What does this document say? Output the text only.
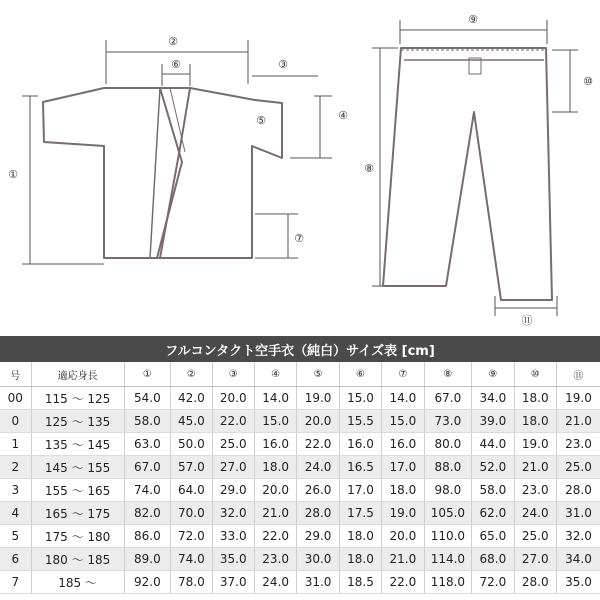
②
⑥	③
④
⑤
①
⑦
⑨
⑩
⑧
⑪
フルコンタクト空手衣（純白）サイズ表 [cm]												
号	適応身長	①	②	③	④	⑤	⑥	⑦	⑧	⑨	⑩	⑪
00	115 ～ 125	54.0	42.0	20.0	14.0	19.0	15.0	14.0	67.0	34.0	18.0	19.0
0	125 ～ 135	58.0	45.0	22.0	15.0	20.0	15.5	15.0	73.0	39.0	18.0	21.0
1	135 ～ 145	63.0	50.0	25.0	16.0	22.0	16.0	16.0	80.0	44.0	19.0	23.0
2	145 ～ 155	67.0	57.0	27.0	18.0	24.0	16.5	17.0	88.0	52.0	21.0	25.0
3	155 ～ 165	74.0	64.0	29.0	20.0	26.0	17.0	18.0	98.0	58.0	23.0	28.0
4	165 ～ 175	82.0	70.0	32.0	21.0	28.0	17.5	19.0	105.0	62.0	24.0	31.0
5	175 ～ 180	86.0	72.0	33.0	22.0	29.0	18.0	20.0	110.0	65.0	25.0	32.0
6	180 ～ 185	89.0	74.0	35.0	23.0	30.0	18.0	21.0	114.0	68.0	27.0	34.0
7	185 ～	92.0	78.0	37.0	24.0	31.0	18.5	22.0	118.0	72.0	28.0	35.0
